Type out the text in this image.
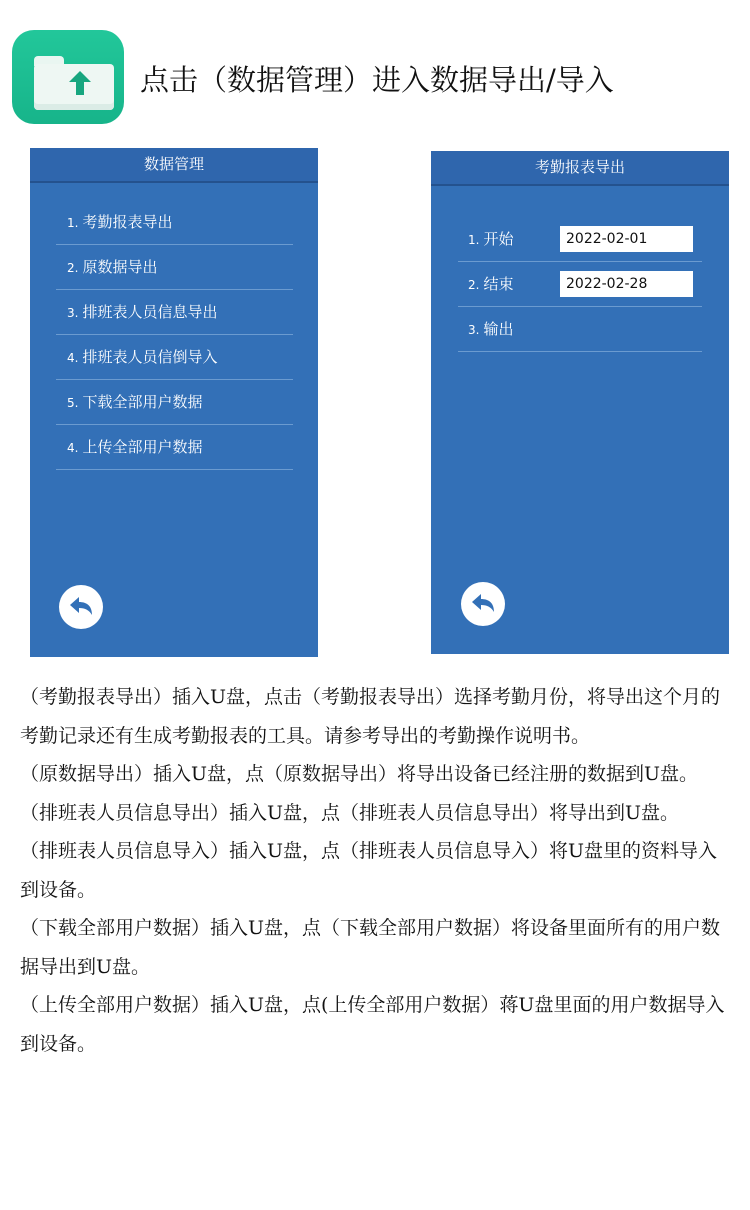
点击（数据管理）进入数据导出/导入
数据管理
1. 考勤报表导出
2. 原数据导出
3. 排班表人员信息导出
4. 排班表人员信倒导入
5. 下载全部用户数据
4. 上传全部用户数据
考勤报表导出
1. 开始
2022-02-01
2. 结束
2022-02-28
3. 输出

（考勤报表导出）插入U盘，点击（考勤报表导出）选择考勤月份，将导出这个月的考勤记录还有生成考勤报表的工具。请参考导出的考勤操作说明书。

（原数据导出）插入U盘，点（原数据导出）将导出设备已经注册的数据到U盘。

（排班表人员信息导出）插入U盘，点（排班表人员信息导出）将导出到U盘。

（排班表人员信息导入）插入U盘，点（排班表人员信息导入）将U盘里的资料导入到设备。

（下载全部用户数据）插入U盘，点（下载全部用户数据）将设备里面所有的用户数据导出到U盘。

（上传全部用户数据）插入U盘，点(上传全部用户数据）蒋U盘里面的用户数据导入到设备。
